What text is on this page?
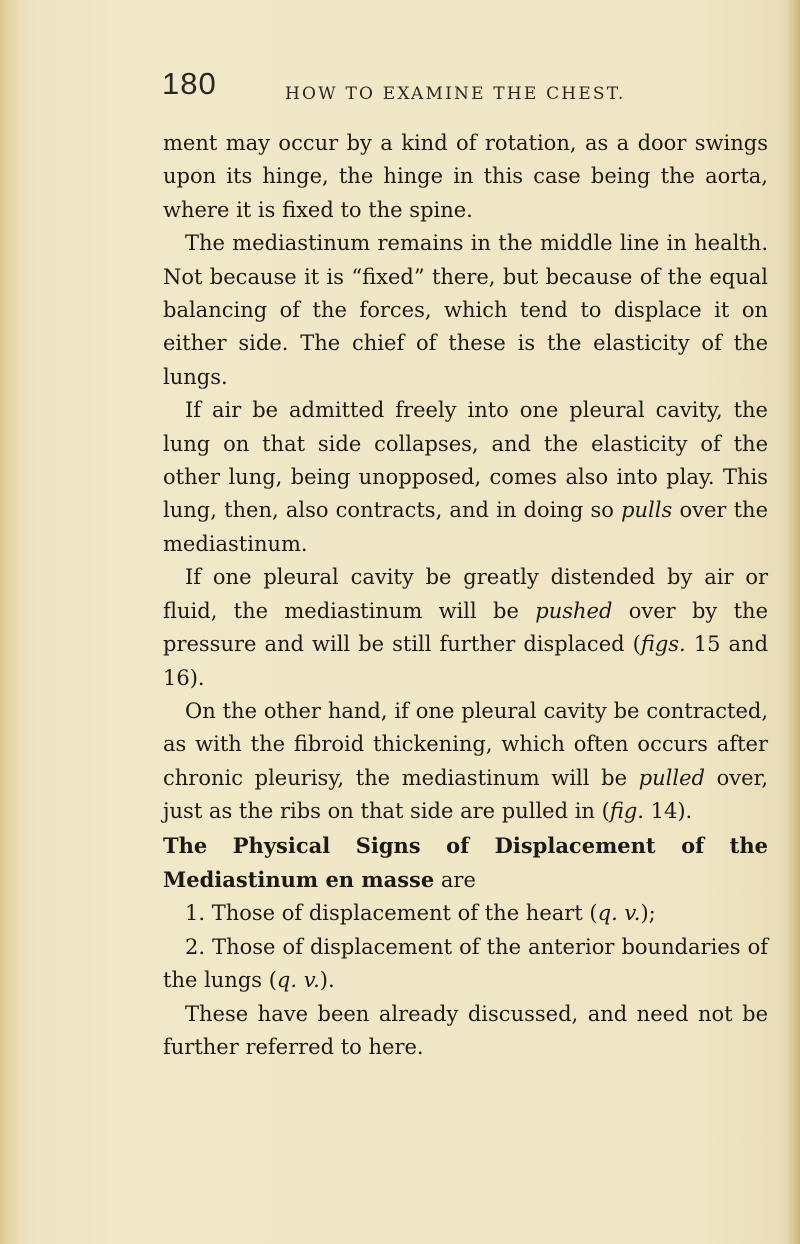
180	HOW TO EXAMINE THE CHEST.

ment may occur by a kind of rotation, as a door swings upon its hinge, the hinge in this case being the aorta, where it is fixed to the spine.

The mediastinum remains in the middle line in health. Not because it is “fixed” there, but because of the equal balancing of the forces, which tend to displace it on either side. The chief of these is the elasticity of the lungs.

If air be admitted freely into one pleural cavity, the lung on that side collapses, and the elasticity of the other lung, being unopposed, comes also into play. This lung, then, also contracts, and in doing so pulls over the mediastinum.

If one pleural cavity be greatly distended by air or fluid, the mediastinum will be pushed over by the pressure and will be still further displaced (figs. 15 and 16).

On the other hand, if one pleural cavity be contracted, as with the fibroid thickening, which often occurs after chronic pleurisy, the mediastinum will be pulled over, just as the ribs on that side are pulled in (fig. 14).

The Physical Signs of Displacement of the Mediastinum en masse are

1. Those of displacement of the heart (q. v.);

2. Those of displacement of the anterior boundaries of the lungs (q. v.).

These have been already discussed, and need not be further referred to here.
